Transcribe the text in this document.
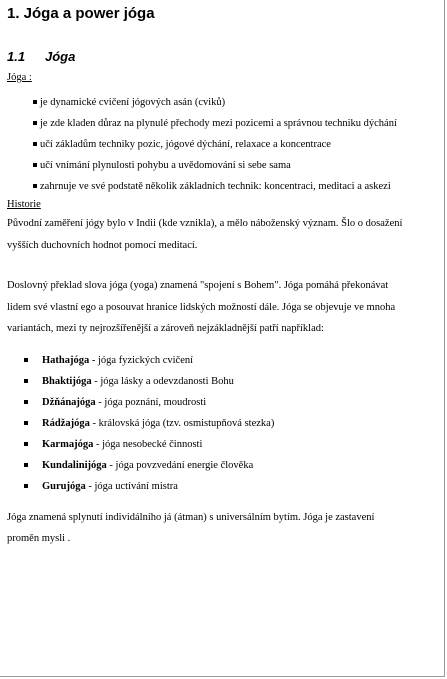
1. Jóga a power jóga
1.1 Jóga
Jóga :
je dynamické cvičení jógových asán (cviků)
je zde kladen důraz na plynulé přechody mezi pozicemi a správnou techniku dýchání
učí základům techniky pozic, jógové dýchání, relaxace a koncentrace
učí vnímání plynulosti pohybu a uvědomování si sebe sama
zahrnuje ve své podstatě několik základních technik: koncentraci, meditaci a askezi
Historie
Původní zaměření jógy bylo v Indii (kde vznikla), a mělo náboženský význam. Šlo o dosažení
vyšších duchovních hodnot pomocí meditací.
Doslovný překlad slova jóga (yoga) znamená "spojení s Bohem". Jóga pomáhá překonávat
lidem své vlastní ego a posouvat hranice lidských možností dále. Jóga se objevuje ve mnoha
variantách, mezi ty nejrozšířenější a zároveň nejzákladnější patří například:
Hathajóga - jóga fyzických cvičení
Bhaktijóga - jóga lásky a odevzdanosti Bohu
Džňánajóga - jóga poznání, moudrosti
Rádžajóga - královská jóga (tzv. osmistupňová stezka)
Karmajóga - jóga nesobecké činnosti
Kundalinijóga - jóga povzvedání energie člověka
Gurujóga - jóga uctívání mistra
Jóga znamená splynutí individálního já (átman) s universálním bytím. Jóga je zastavení
proměn mysli .
